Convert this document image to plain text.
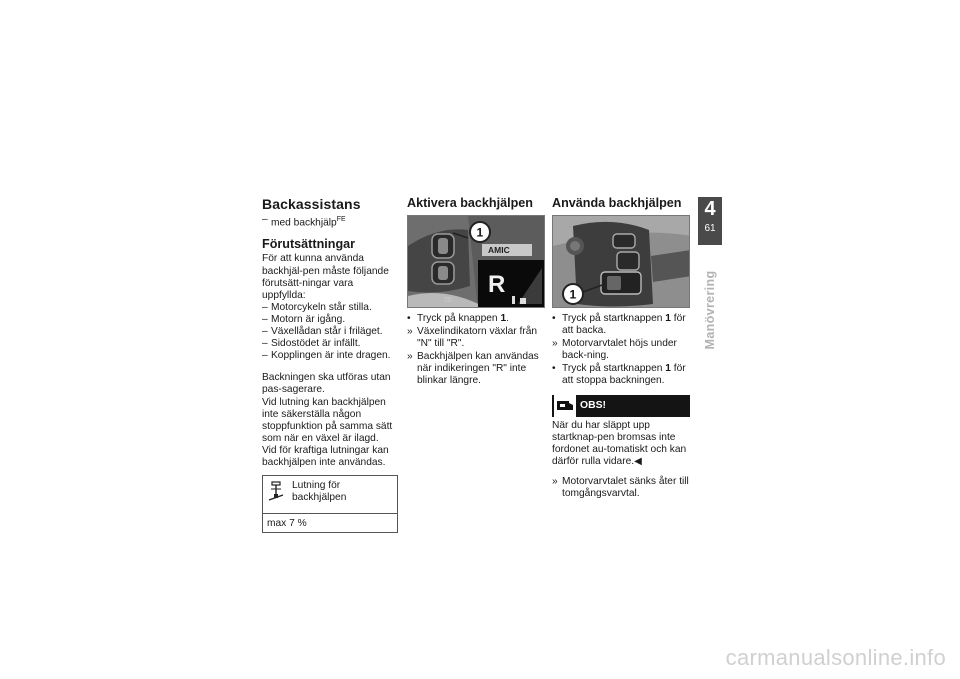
Backassistans
– med backhjälp$^{FE}$
Förutsättningar

För att kunna använda backhjäl-pen måste följande förutsätt-ningar vara uppfyllda:

– Motorcykeln står stilla.
– Motorn är igång.
– Växellådan står i friläget.
– Sidostödet är infällt.
– Kopplingen är inte dragen.

Backningen ska utföras utan pas-sagerare.

Vid lutning kan backhjälpen inte säkerställa någon stoppfunktion på samma sätt som när en växel är ilagd.

Vid för kraftiga lutningar kan backhjälpen inte användas.

Lutning för backhjälpen
max 7 %
Aktivera backhjälpen
AMIC
R
20
1
• Tryck på knappen 1.
» Växelindikatorn växlar från "N" till "R".
» Backhjälpen kan användas när indikeringen "R" inte blinkar längre.
Använda backhjälpen
1
• Tryck på startknappen 1 för att backa.
» Motorvarvtalet höjs under back-ning.
• Tryck på startknappen 1 för att stoppa backningen.
OBS!

När du har släppt upp startknap-pen bromsas inte fordonet au-tomatiskt och kan därför rulla vidare.◀

» Motorvarvtalet sänks åter till tomgångsvarvtal.
4
61
Manövrering
carmanualsonline.info
